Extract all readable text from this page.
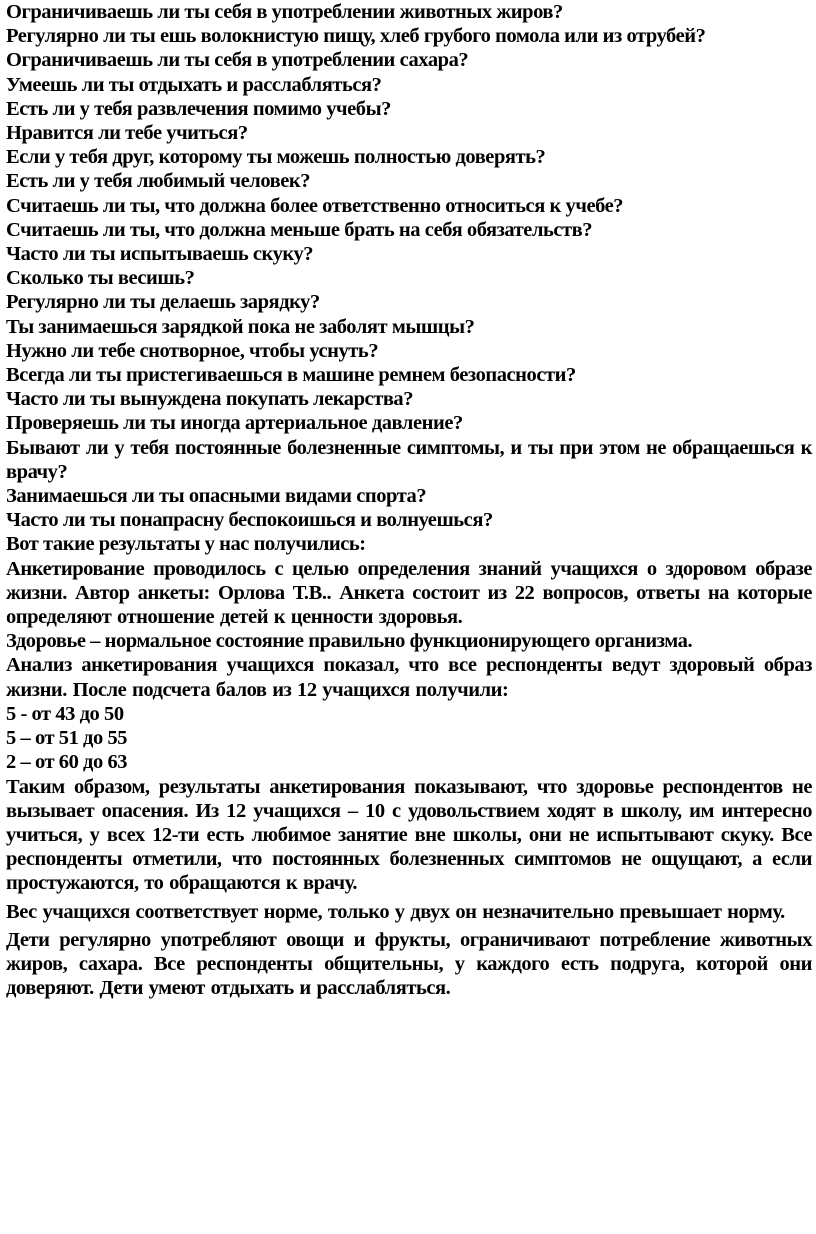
Ограничиваешь ли ты себя в употреблении животных жиров?

Регулярно ли ты ешь волокнистую пищу, хлеб грубого помола или из отрубей?

Ограничиваешь ли ты себя в употреблении сахара?

Умеешь ли ты отдыхать и расслабляться?

Есть ли у тебя развлечения помимо учебы?

Нравится ли тебе учиться?

Если у тебя друг, которому ты можешь полностью доверять?

Есть ли у тебя любимый человек?

Считаешь ли ты, что должна более ответственно относиться к учебе?

Считаешь ли ты, что должна меньше брать на себя обязательств?

Часто ли ты испытываешь скуку?

Сколько ты весишь?

Регулярно ли ты делаешь зарядку?

Ты занимаешься зарядкой пока не заболят мышцы?

Нужно ли тебе снотворное, чтобы уснуть?

Всегда ли ты пристегиваешься в машине ремнем безопасности?

Часто ли ты вынуждена покупать лекарства?

Проверяешь ли ты иногда артериальное давление?

Бывают ли у тебя постоянные болезненные симптомы, и ты при этом не обращаешься к врачу?

Занимаешься ли ты опасными видами спорта?

Часто ли ты понапрасну беспокоишься и волнуешься?

Вот такие результаты у нас получились:

Анкетирование проводилось с целью определения знаний учащихся о здоровом образе жизни. Автор анкеты: Орлова Т.В.. Анкета состоит из 22 вопросов, ответы на которые определяют отношение детей к ценности здоровья.

Здоровье – нормальное состояние правильно функционирующего организма.

Анализ анкетирования учащихся показал, что все респонденты ведут здоровый образ жизни. После подсчета балов из 12 учащихся получили:

5 - от 43 до 50

5 – от 51 до 55

2 – от 60 до 63

Таким образом, результаты анкетирования показывают, что здоровье респондентов не вызывает опасения. Из 12 учащихся – 10 с удовольствием ходят в школу, им интересно учиться, у всех 12-ти есть любимое занятие вне школы, они не испытывают скуку. Все респонденты отметили, что постоянных болезненных симптомов не ощущают, а если простужаются, то обращаются к врачу.

Вес учащихся соответствует норме, только у двух он незначительно превышает норму.

Дети регулярно употребляют овощи и фрукты, ограничивают потребление животных жиров, сахара. Все респонденты общительны, у каждого есть подруга, которой они доверяют. Дети умеют отдыхать и расслабляться.
